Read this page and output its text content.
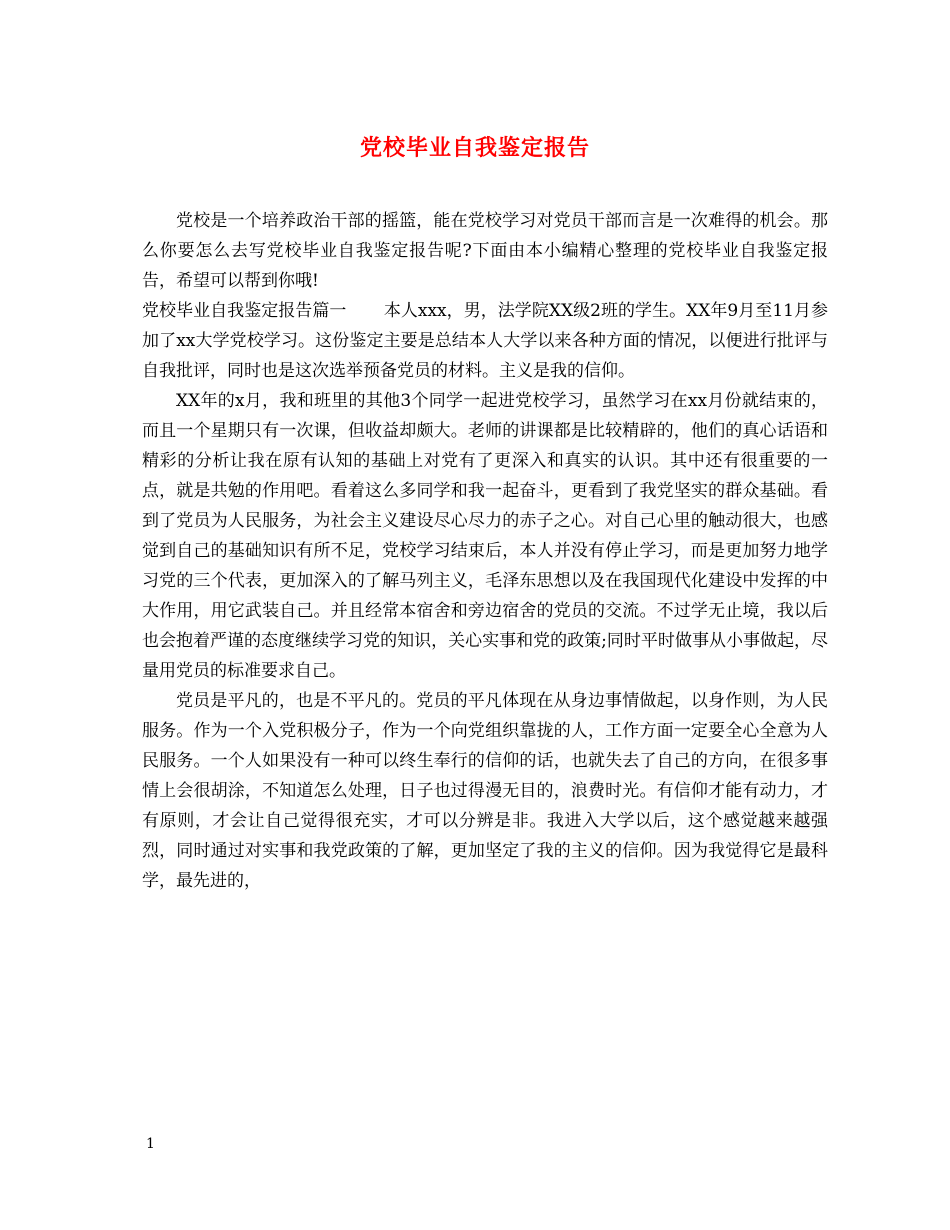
党校毕业自我鉴定报告

党校是一个培养政治干部的摇篮，能在党校学习对党员干部而言是一次难得的机会。那么你要怎么去写党校毕业自我鉴定报告呢?下面由本小编精心整理的党校毕业自我鉴定报告，希望可以帮到你哦!

党校毕业自我鉴定报告篇一 本人xxx，男，法学院XX级2班的学生。XX年9月至11月参加了xx大学党校学习。这份鉴定主要是总结本人大学以来各种方面的情况，以便进行批评与自我批评，同时也是这次选举预备党员的材料。主义是我的信仰。

XX年的x月，我和班里的其他3个同学一起进党校学习，虽然学习在xx月份就结束的，而且一个星期只有一次课，但收益却颇大。老师的讲课都是比较精辟的，他们的真心话语和精彩的分析让我在原有认知的基础上对党有了更深入和真实的认识。其中还有很重要的一点，就是共勉的作用吧。看着这么多同学和我一起奋斗，更看到了我党坚实的群众基础。看到了党员为人民服务，为社会主义建设尽心尽力的赤子之心。对自己心里的触动很大，也感觉到自己的基础知识有所不足，党校学习结束后，本人并没有停止学习，而是更加努力地学习党的三个代表，更加深入的了解马列主义，毛泽东思想以及在我国现代化建设中发挥的中大作用，用它武装自己。并且经常本宿舍和旁边宿舍的党员的交流。不过学无止境，我以后也会抱着严谨的态度继续学习党的知识，关心实事和党的政策;同时平时做事从小事做起，尽量用党员的标准要求自己。

党员是平凡的，也是不平凡的。党员的平凡体现在从身边事情做起，以身作则，为人民服务。作为一个入党积极分子，作为一个向党组织靠拢的人，工作方面一定要全心全意为人民服务。一个人如果没有一种可以终生奉行的信仰的话，也就失去了自己的方向，在很多事情上会很胡涂，不知道怎么处理，日子也过得漫无目的，浪费时光。有信仰才能有动力，才有原则，才会让自己觉得很充实，才可以分辨是非。我进入大学以后，这个感觉越来越强烈，同时通过对实事和我党政策的了解，更加坚定了我的主义的信仰。因为我觉得它是最科学，最先进的，

1
